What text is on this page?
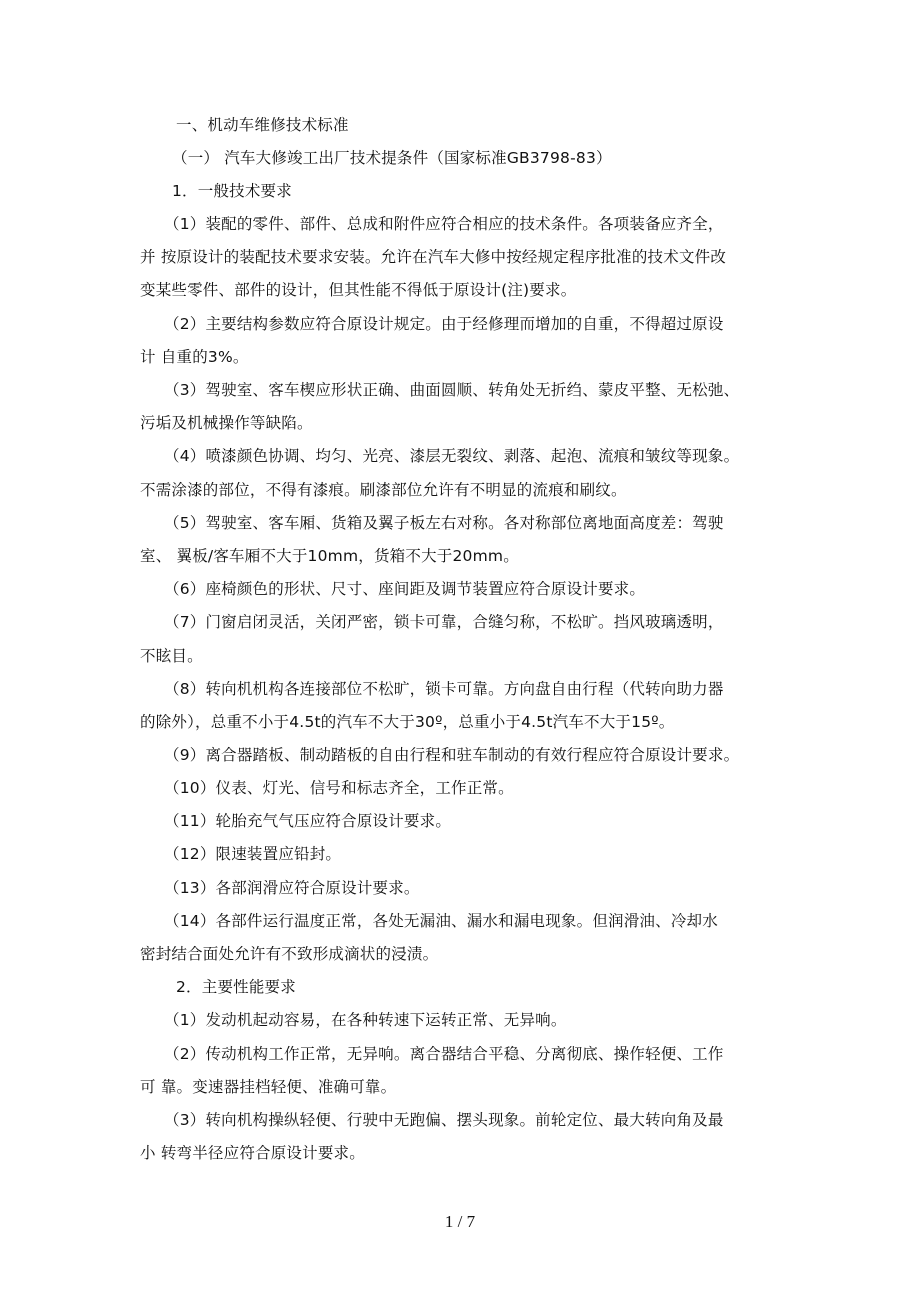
一、机动车维修技术标准
（一） 汽车大修竣工出厂技术提条件（国家标准GB3798-83）
1．一般技术要求
（1）装配的零件、部件、总成和附件应符合相应的技术条件。各项装备应齐全，
并 按原设计的装配技术要求安装。允许在汽车大修中按经规定程序批准的技术文件改
变某些零件、部件的设计，但其性能不得低于原设计(注)要求。
（2）主要结构参数应符合原设计规定。由于经修理而增加的自重，不得超过原设
计 自重的3%。
（3）驾驶室、客车楔应形状正确、曲面圆顺、转角处无折绉、蒙皮平整、无松弛、
污垢及机械操作等缺陷。
（4）喷漆颜色协调、均匀、光亮、漆层无裂纹、剥落、起泡、流痕和皱纹等现象。
不需涂漆的部位，不得有漆痕。刷漆部位允许有不明显的流痕和刷纹。
（5）驾驶室、客车厢、货箱及翼子板左右对称。各对称部位离地面高度差：驾驶
室、 翼板/客车厢不大于10mm，货箱不大于20mm。
（6）座椅颜色的形状、尺寸、座间距及调节装置应符合原设计要求。
（7）门窗启闭灵活，关闭严密，锁卡可靠，合缝匀称，不松旷。挡风玻璃透明，
不眩目。
（8）转向机机构各连接部位不松旷，锁卡可靠。方向盘自由行程（代转向助力器
的除外），总重不小于4.5t的汽车不大于30º，总重小于4.5t汽车不大于15º。
（9）离合器踏板、制动踏板的自由行程和驻车制动的有效行程应符合原设计要求。
（10）仪表、灯光、信号和标志齐全，工作正常。
（11）轮胎充气气压应符合原设计要求。
（12）限速装置应铅封。
（13）各部润滑应符合原设计要求。
（14）各部件运行温度正常，各处无漏油、漏水和漏电现象。但润滑油、冷却水
密封结合面处允许有不致形成滴状的浸渍。
2．主要性能要求
（1）发动机起动容易，在各种转速下运转正常、无异响。
（2）传动机构工作正常，无异响。离合器结合平稳、分离彻底、操作轻便、工作
可 靠。变速器挂档轻便、准确可靠。
（3）转向机构操纵轻便、行驶中无跑偏、摆头现象。前轮定位、最大转向角及最
小 转弯半径应符合原设计要求。
1 / 7
